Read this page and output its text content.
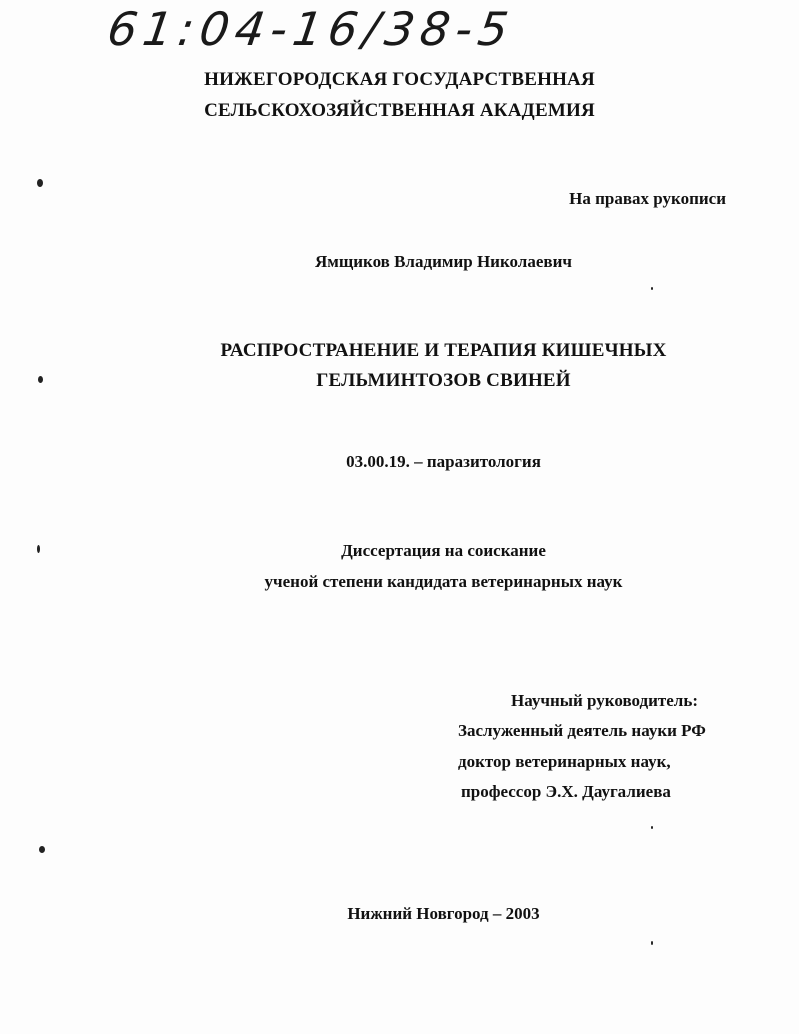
61:04-16/38-5
НИЖЕГОРОДСКАЯ ГОСУДАРСТВЕННАЯ
СЕЛЬСКОХОЗЯЙСТВЕННАЯ АКАДЕМИЯ
На правах рукописи
Ямщиков Владимир Николаевич
РАСПРОСТРАНЕНИЕ И ТЕРАПИЯ КИШЕЧНЫХ
ГЕЛЬМИНТОЗОВ СВИНЕЙ
03.00.19. – паразитология
Диссертация на соискание
ученой степени кандидата ветеринарных наук
Научный руководитель:
Заслуженный деятель науки РФ
доктор ветеринарных наук,
профессор Э.Х. Даугалиева
Нижний Новгород – 2003
